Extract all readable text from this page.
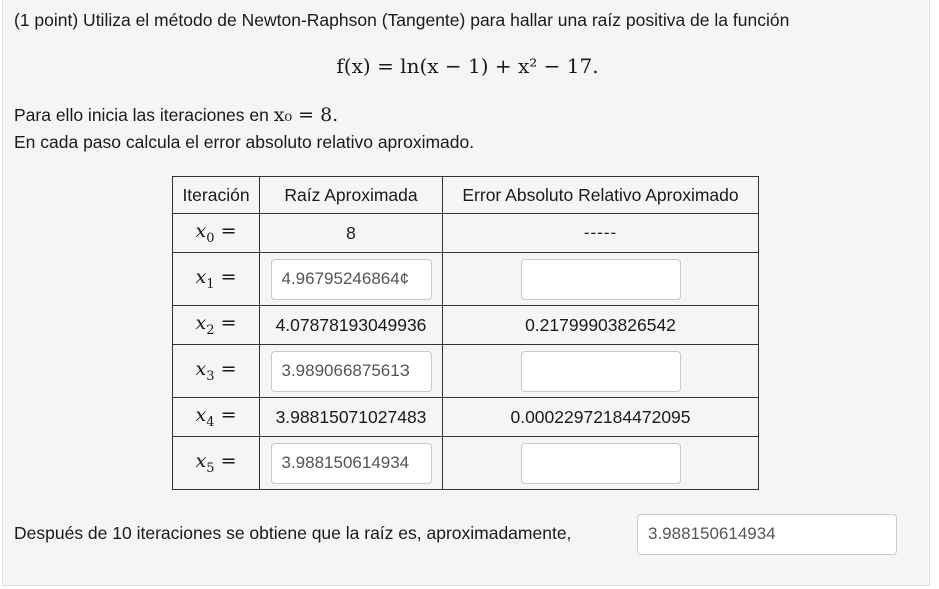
(1 point) Utiliza el método de Newton-Raphson (Tangente) para hallar una raíz positiva de la función
f(x) = ln(x − 1) + x² − 17.
Para ello inicia las iteraciones en x₀ = 8.
En cada paso calcula el error absoluto relativo aproximado.
Iteración	Raíz Aproximada	Error Absoluto Relativo Aproximado
$x_0$ =	8	-----
$x_1$ =	4.96795246864¢	
$x_2$ =	4.07878193049936	0.21799903826542
$x_3$ =	3.98906687561З	
$x_4$ =	3.98815071027483	0.00022972184472095
$x_5$ =	3.988150614934	
Después de 10 iteraciones se obtiene que la raíz es, aproximadamente,	3.988150614934
